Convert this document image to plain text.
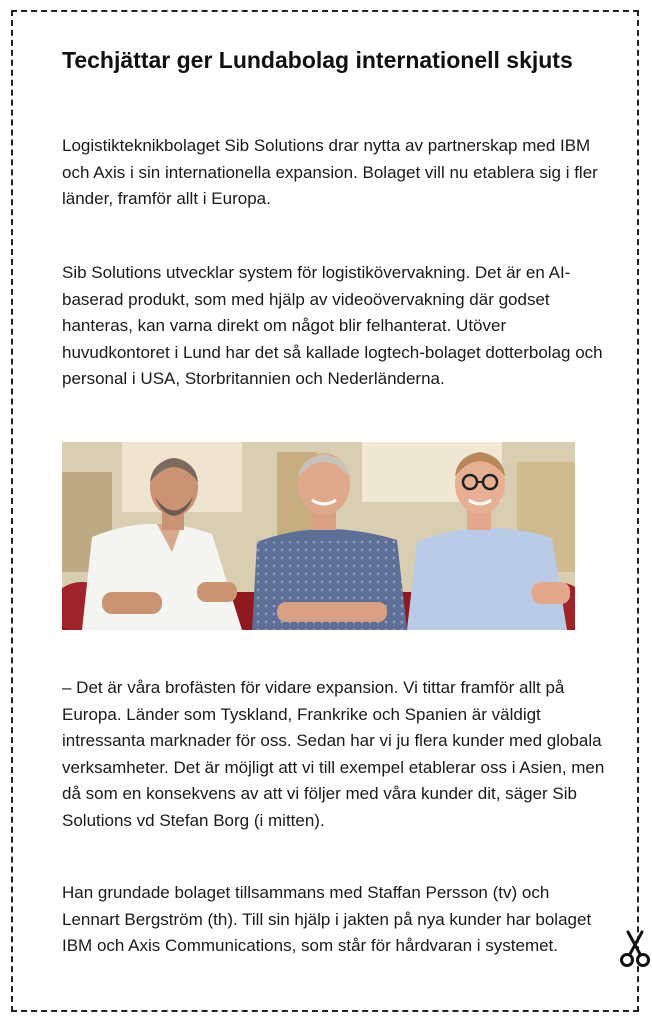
Techjättar ger Lundabolag internationell skjuts

Logistikteknikbolaget Sib Solutions drar nytta av partnerskap med IBM och Axis i sin internationella expansion. Bolaget vill nu etablera sig i fler länder, framför allt i Europa.

Sib Solutions utvecklar system för logistikövervakning. Det är en AI-baserad produkt, som med hjälp av videoövervakning där godset hanteras, kan varna direkt om något blir felhanterat. Utöver huvudkontoret i Lund har det så kallade logtech-bolaget dotterbolag och personal i USA, Storbritannien och Nederländerna.

– Det är våra brofästen för vidare expansion. Vi tittar framför allt på Europa. Länder som Tyskland, Frankrike och Spanien är väldigt intressanta marknader för oss. Sedan har vi ju flera kunder med globala verksamheter. Det är möjligt att vi till exempel etablerar oss i Asien, men då som en konsekvens av att vi följer med våra kunder dit, säger Sib Solutions vd Stefan Borg (i mitten).

Han grundade bolaget tillsammans med Staffan Persson (tv) och Lennart Bergström (th). Till sin hjälp i jakten på nya kunder har bolaget IBM och Axis Communications, som står för hårdvaran i systemet.
